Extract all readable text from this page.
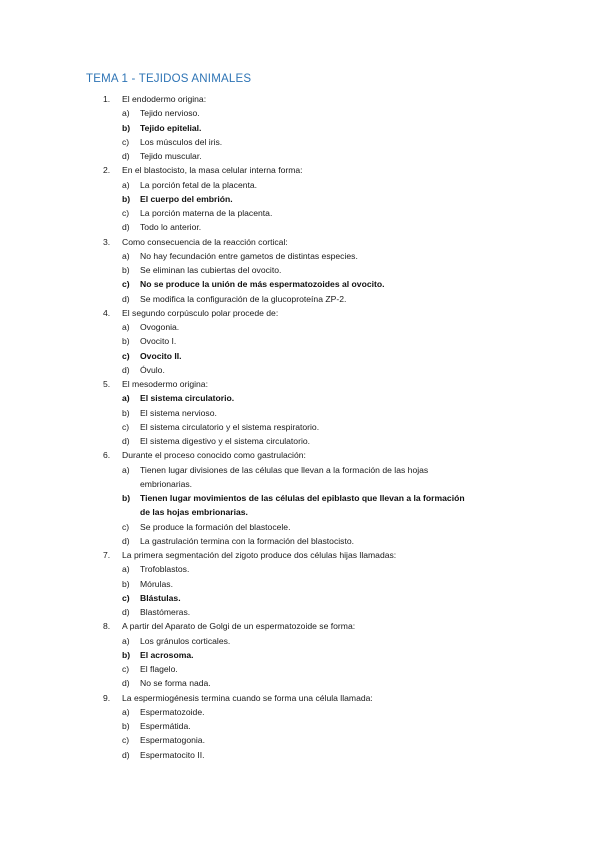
TEMA 1 - TEJIDOS ANIMALES
1.	El endodermo origina:
a)	Tejido nervioso.
b)	Tejido epitelial.
c)	Los músculos del iris.
d)	Tejido muscular.
2.	En el blastocisto, la masa celular interna forma:
a)	La porción fetal de la placenta.
b)	El cuerpo del embrión.
c)	La porción materna de la placenta.
d)	Todo lo anterior.
3.	Como consecuencia de la reacción cortical:
a)	No hay fecundación entre gametos de distintas especies.
b)	Se eliminan las cubiertas del ovocito.
c)	No se produce la unión de más espermatozoides al ovocito.
d)	Se modifica la configuración de la glucoproteína ZP-2.
4.	El segundo corpúsculo polar procede de:
a)	Ovogonia.
b)	Ovocito I.
c)	Ovocito II.
d)	Óvulo.
5.	El mesodermo origina:
a)	El sistema circulatorio.
b)	El sistema nervioso.
c)	El sistema circulatorio y el sistema respiratorio.
d)	El sistema digestivo y el sistema circulatorio.
6.	Durante el proceso conocido como gastrulación:
a)	Tienen lugar divisiones de las células que llevan a la formación de las hojas
embrionarias.
b)	Tienen lugar movimientos de las células del epiblasto que llevan a la formación
de las hojas embrionarias.
c)	Se produce la formación del blastocele.
d)	La gastrulación termina con la formación del blastocisto.
7.	La primera segmentación del zigoto produce dos células hijas llamadas:
a)	Trofoblastos.
b)	Mórulas.
c)	Blástulas.
d)	Blastómeras.
8.	A partir del Aparato de Golgi de un espermatozoide se forma:
a)	Los gránulos corticales.
b)	El acrosoma.
c)	El flagelo.
d)	No se forma nada.
9.	La espermiogénesis termina cuando se forma una célula llamada:
a)	Espermatozoide.
b)	Espermátida.
c)	Espermatogonia.
d)	Espermatocito II.
